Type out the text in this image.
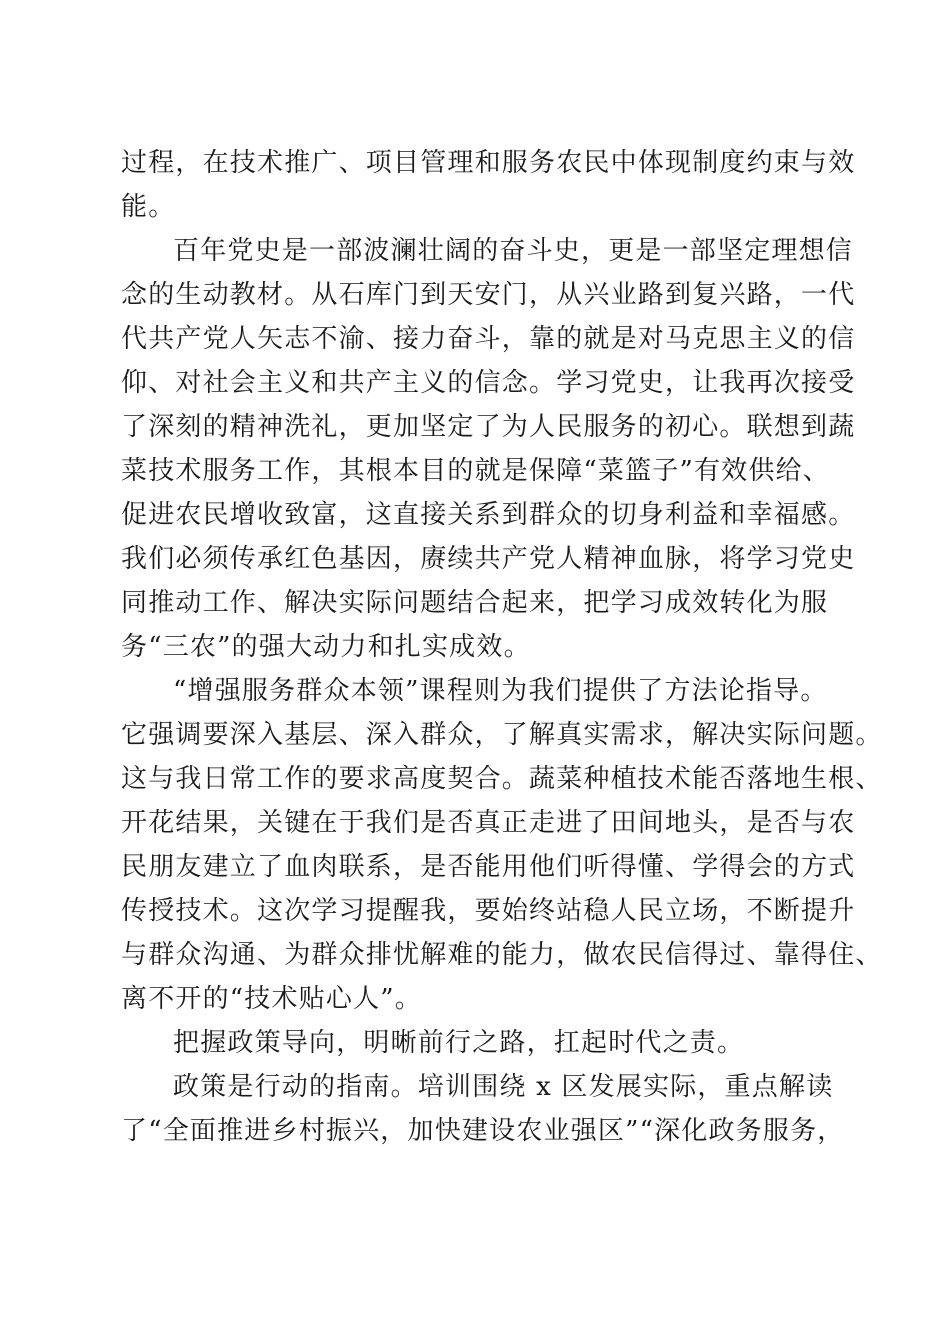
过程，在技术推广、项目管理和服务农民中体现制度约束与效
能。
百年党史是一部波澜壮阔的奋斗史，更是一部坚定理想信
念的生动教材。从石库门到天安门，从兴业路到复兴路，一代
代共产党人矢志不渝、接力奋斗，靠的就是对马克思主义的信
仰、对社会主义和共产主义的信念。学习党史，让我再次接受
了深刻的精神洗礼，更加坚定了为人民服务的初心。联想到蔬
菜技术服务工作，其根本目的就是保障“菜篮子”有效供给、
促进农民增收致富，这直接关系到群众的切身利益和幸福感。
我们必须传承红色基因，赓续共产党人精神血脉，将学习党史
同推动工作、解决实际问题结合起来，把学习成效转化为服
务“三农”的强大动力和扎实成效。
“增强服务群众本领”课程则为我们提供了方法论指导。
它强调要深入基层、深入群众，了解真实需求，解决实际问题。
这与我日常工作的要求高度契合。蔬菜种植技术能否落地生根、
开花结果，关键在于我们是否真正走进了田间地头，是否与农
民朋友建立了血肉联系，是否能用他们听得懂、学得会的方式
传授技术。这次学习提醒我，要始终站稳人民立场，不断提升
与群众沟通、为群众排忧解难的能力，做农民信得过、靠得住、
离不开的“技术贴心人”。
把握政策导向，明晰前行之路，扛起时代之责。
政策是行动的指南。培训围绕 x 区发展实际，重点解读
了“全面推进乡村振兴，加快建设农业强区”“深化政务服务，
